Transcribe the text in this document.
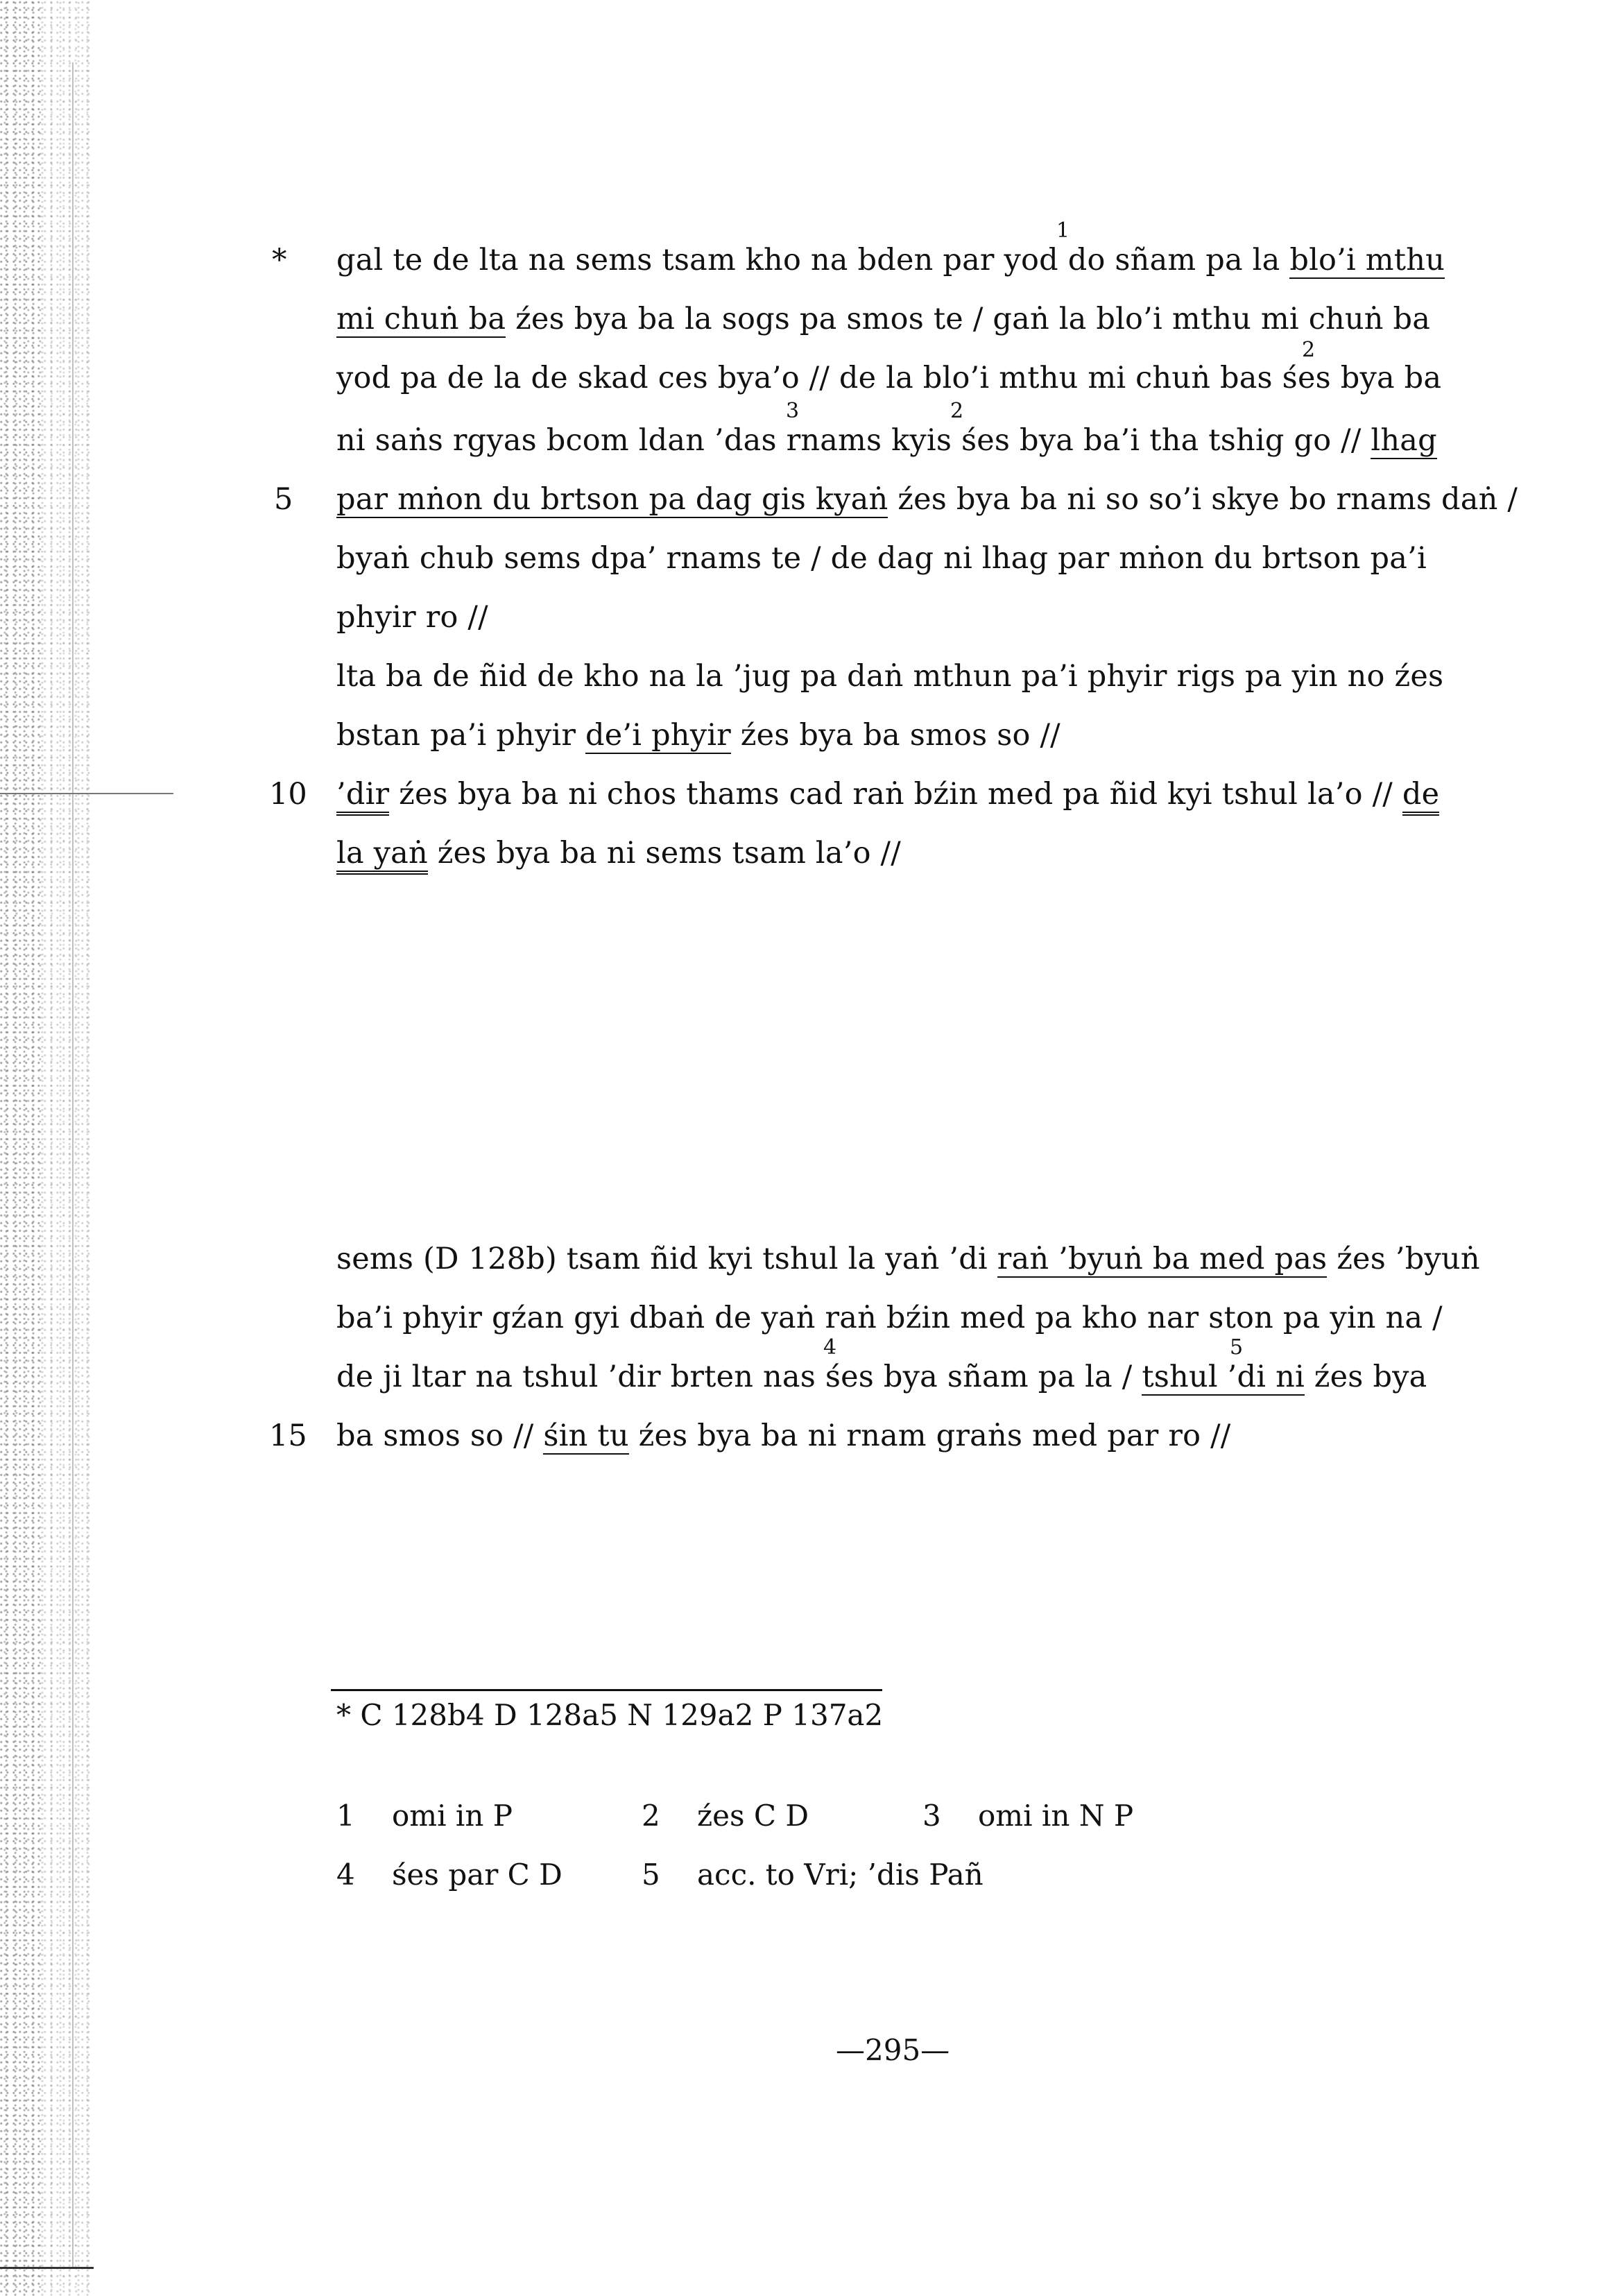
* gal te de lta na sems tsam kho na bden par yod do sñam pa la blo’i mthu
mi chuṅ ba źes bya ba la sogs pa smos te / gaṅ la blo’i mthu mi chuṅ ba
yod pa de la de skad ces bya’o // de la blo’i mthu mi chuṅ bas śes bya ba
ni saṅs rgyas bcom ldan ’das rnams kyis śes bya ba’i tha tshig go // lhag
5 par mṅon du brtson pa dag gis kyaṅ źes bya ba ni so so’i skye bo rnams daṅ /
byaṅ chub sems dpa’ rnams te / de dag ni lhag par mṅon du brtson pa’i
phyir ro //
lta ba de ñid de kho na la ’jug pa daṅ mthun pa’i phyir rigs pa yin no źes
bstan pa’i phyir de’i phyir źes bya ba smos so //
10 ’dir źes bya ba ni chos thams cad raṅ bźin med pa ñid kyi tshul la’o // de
la yaṅ źes bya ba ni sems tsam la’o //
sems (D 128b) tsam ñid kyi tshul la yaṅ ’di raṅ ’byuṅ ba med pas źes ’byuṅ
ba’i phyir gźan gyi dbaṅ de yaṅ raṅ bźin med pa kho nar ston pa yin na /
de ji ltar na tshul ’dir brten nas śes bya sñam pa la / tshul ’di ni źes bya
15 ba smos so // śin tu źes bya ba ni rnam graṅs med par ro //
1
2
3	2
4	5
* C 128b4 D 128a5 N 129a2 P 137a2
1 omi in P	2 źes C D	3 omi in N P
4 śes par C D	5 acc. to Vri; ’dis Pañ
—295—
